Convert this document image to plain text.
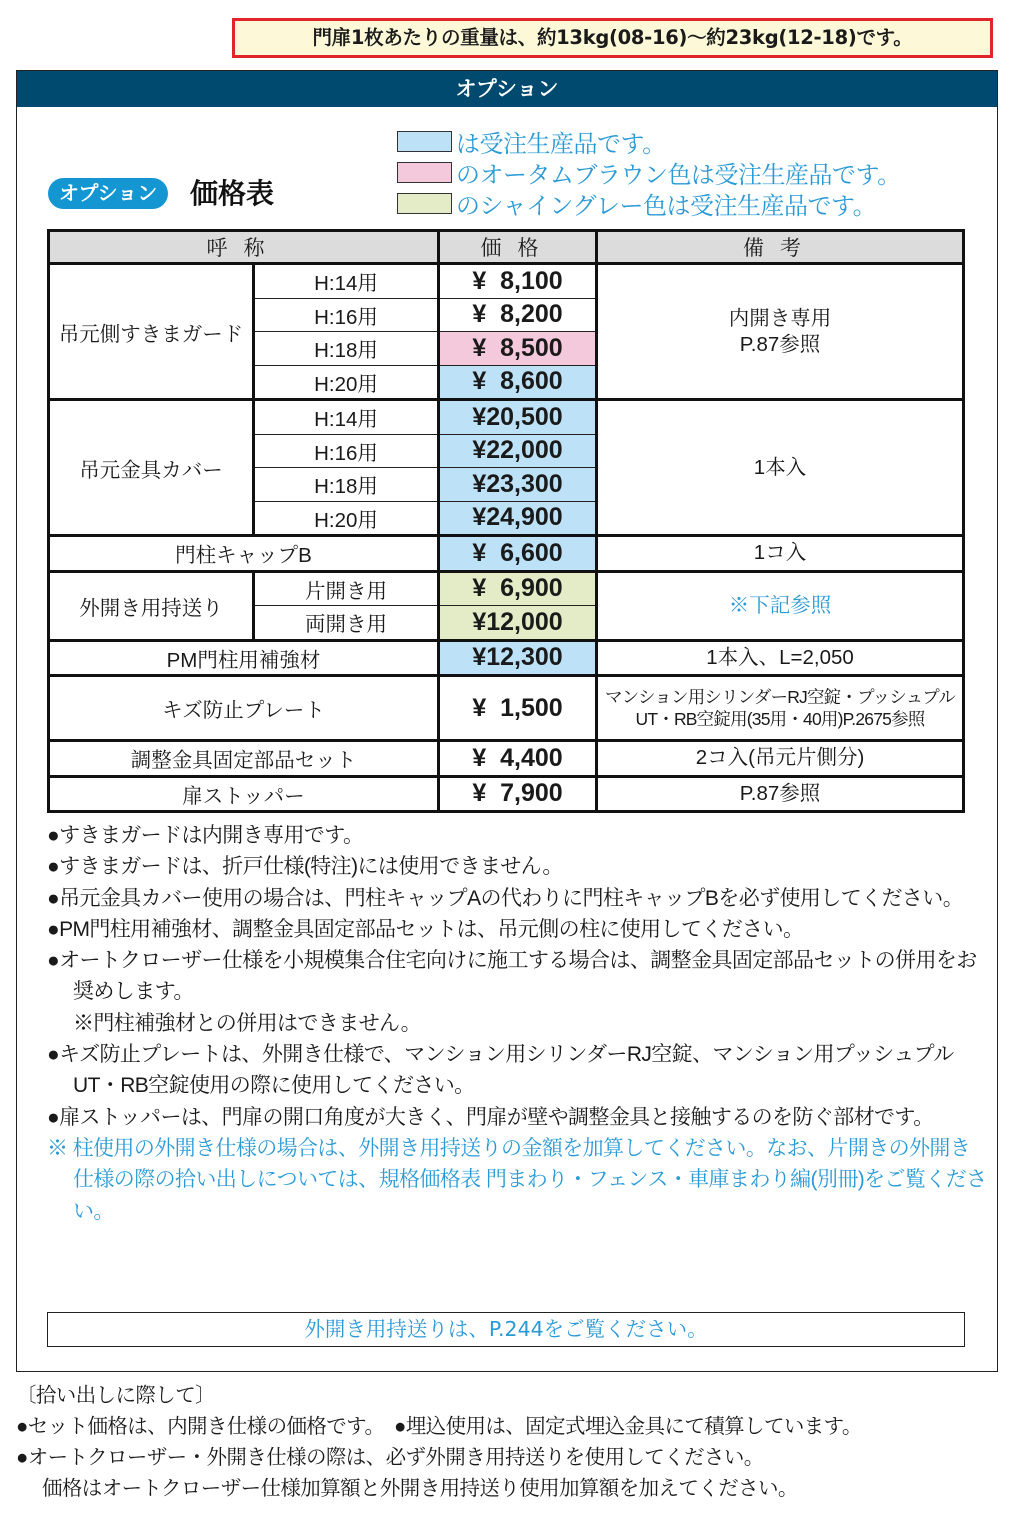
門扉1枚あたりの重量は、約13kg(08-16)～約23kg(12-18)です。
オプション
は受注生産品です。
のオータムブラウン色は受注生産品です。
のシャイングレー色は受注生産品です。
オプション	価格表
呼称		価格	備考
吊元側すきまガード	H:14用	¥  8,100	内開き専用
P.87参照
	H:16用	¥  8,200	
	H:18用	¥  8,500	
	H:20用	¥  8,600	
吊元金具カバー	H:14用	¥20,500	1本入
	H:16用	¥22,000	
	H:18用	¥23,300	
	H:20用	¥24,900	
門柱キャップB		¥  6,600	1コ入
外開き用持送り	片開き用	¥  6,900	※下記参照
	両開き用	¥12,000	
PM門柱用補強材		¥12,300	1本入、L=2,050
キズ防止プレート		¥  1,500	マンション用シリンダーRJ空錠・プッシュプル
UT・RB空錠用(35用・40用)P.2675参照
調整金具固定部品セット		¥  4,400	2コ入(吊元片側分)
扉ストッパー		¥  7,900	P.87参照
●すきまガードは内開き専用です。
●すきまガードは、折戸仕様(特注)には使用できません。
●吊元金具カバー使用の場合は、門柱キャップAの代わりに門柱キャップBを必ず使用してください。
●PM門柱用補強材、調整金具固定部品セットは、吊元側の柱に使用してください。
●オートクローザー仕様を小規模集合住宅向けに施工する場合は、調整金具固定部品セットの併用をお奨めします。
※門柱補強材との併用はできません。
●キズ防止プレートは、外開き仕様で、マンション用シリンダーRJ空錠、マンション用プッシュプルUT・RB空錠使用の際に使用してください。
●扉ストッパーは、門扉の開口角度が大きく、門扉が壁や調整金具と接触するのを防ぐ部材です。
※ 柱使用の外開き仕様の場合は、外開き用持送りの金額を加算してください。なお、片開きの外開き仕様の際の拾い出しについては、規格価格表 門まわり・フェンス・車庫まわり編(別冊)をご覧ください。
外開き用持送りは、P.244をご覧ください。
〔拾い出しに際して〕
●セット価格は、内開き仕様の価格です。　●埋込使用は、固定式埋込金具にて積算しています。
●オートクローザー・外開き仕様の際は、必ず外開き用持送りを使用してください。
価格はオートクローザー仕様加算額と外開き用持送り使用加算額を加えてください。
